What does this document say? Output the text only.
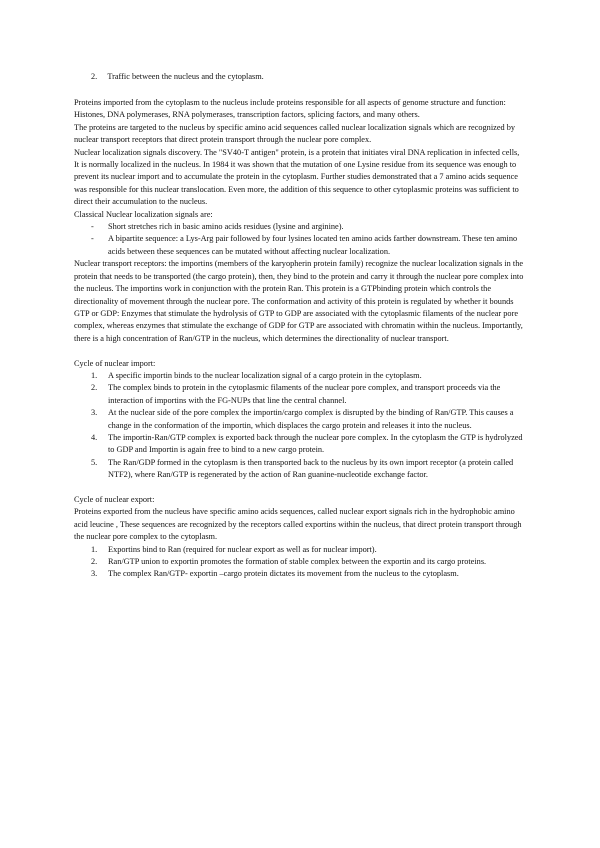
2. Traffic between the nucleus and the cytoplasm.

Proteins imported from the cytoplasm to the nucleus include proteins responsible for all aspects of genome structure and function: Histones, DNA polymerases, RNA polymerases, transcription factors, splicing factors, and many others.

The proteins are targeted to the nucleus by specific amino acid sequences called nuclear localization signals which are recognized by nuclear transport receptors that direct protein transport through the nuclear pore complex.

Nuclear localization signals discovery. The "SV40-T antigen" protein, is a protein that initiates viral DNA replication in infected cells, It is normally localized in the nucleus. In 1984 it was shown that the mutation of one Lysine residue from its sequence was enough to prevent its nuclear import and to accumulate the protein in the cytoplasm. Further studies demonstrated that a 7 amino acids sequence was responsible for this nuclear translocation. Even more, the addition of this sequence to other cytoplasmic proteins was sufficient to direct their accumulation to the nucleus.

Classical Nuclear localization signals are:

- Short stretches rich in basic amino acids residues (lysine and arginine).
- A bipartite sequence: a Lys-Arg pair followed by four lysines located ten amino acids farther downstream. These ten amino acids between these sequences can be mutated without affecting nuclear localization.

Nuclear transport receptors: the importins (members of the karyopherin protein family) recognize the nuclear localization signals in the protein that needs to be transported (the cargo protein), then, they bind to the protein and carry it through the nuclear pore complex into the nucleus. The importins work in conjunction with the protein Ran. This protein is a GTPbinding protein which controls the directionality of movement through the nuclear pore. The conformation and activity of this protein is regulated by whether it bounds GTP or GDP: Enzymes that stimulate the hydrolysis of GTP to GDP are associated with the cytoplasmic filaments of the nuclear pore complex, whereas enzymes that stimulate the exchange of GDP for GTP are associated with chromatin within the nucleus. Importantly, there is a high concentration of Ran/GTP in the nucleus, which determines the directionality of nuclear transport.

Cycle of nuclear import:

1. A specific importin binds to the nuclear localization signal of a cargo protein in the cytoplasm.
2. The complex binds to protein in the cytoplasmic filaments of the nuclear pore complex, and transport proceeds via the interaction of importins with the FG-NUPs that line the central channel.
3. At the nuclear side of the pore complex the importin/cargo complex is disrupted by the binding of Ran/GTP. This causes a change in the conformation of the importin, which displaces the cargo protein and releases it into the nucleus.
4. The importin-Ran/GTP complex is exported back through the nuclear pore complex. In the cytoplasm the GTP is hydrolyzed to GDP and Importin is again free to bind to a new cargo protein.
5. The Ran/GDP formed in the cytoplasm is then transported back to the nucleus by its own import receptor (a protein called NTF2), where Ran/GTP is regenerated by the action of Ran guanine-nucleotide exchange factor.

Cycle of nuclear export:

Proteins exported from the nucleus have specific amino acids sequences, called nuclear export signals rich in the hydrophobic amino acid leucine , These sequences are recognized by the receptors called exportins within the nucleus, that direct protein transport through the nuclear pore complex to the cytoplasm.

1. Exportins bind to Ran (required for nuclear export as well as for nuclear import).
2. Ran/GTP union to exportin promotes the formation of stable complex between the exportin and its cargo proteins.
3. The complex Ran/GTP- exportin –cargo protein dictates its movement from the nucleus to the cytoplasm.
